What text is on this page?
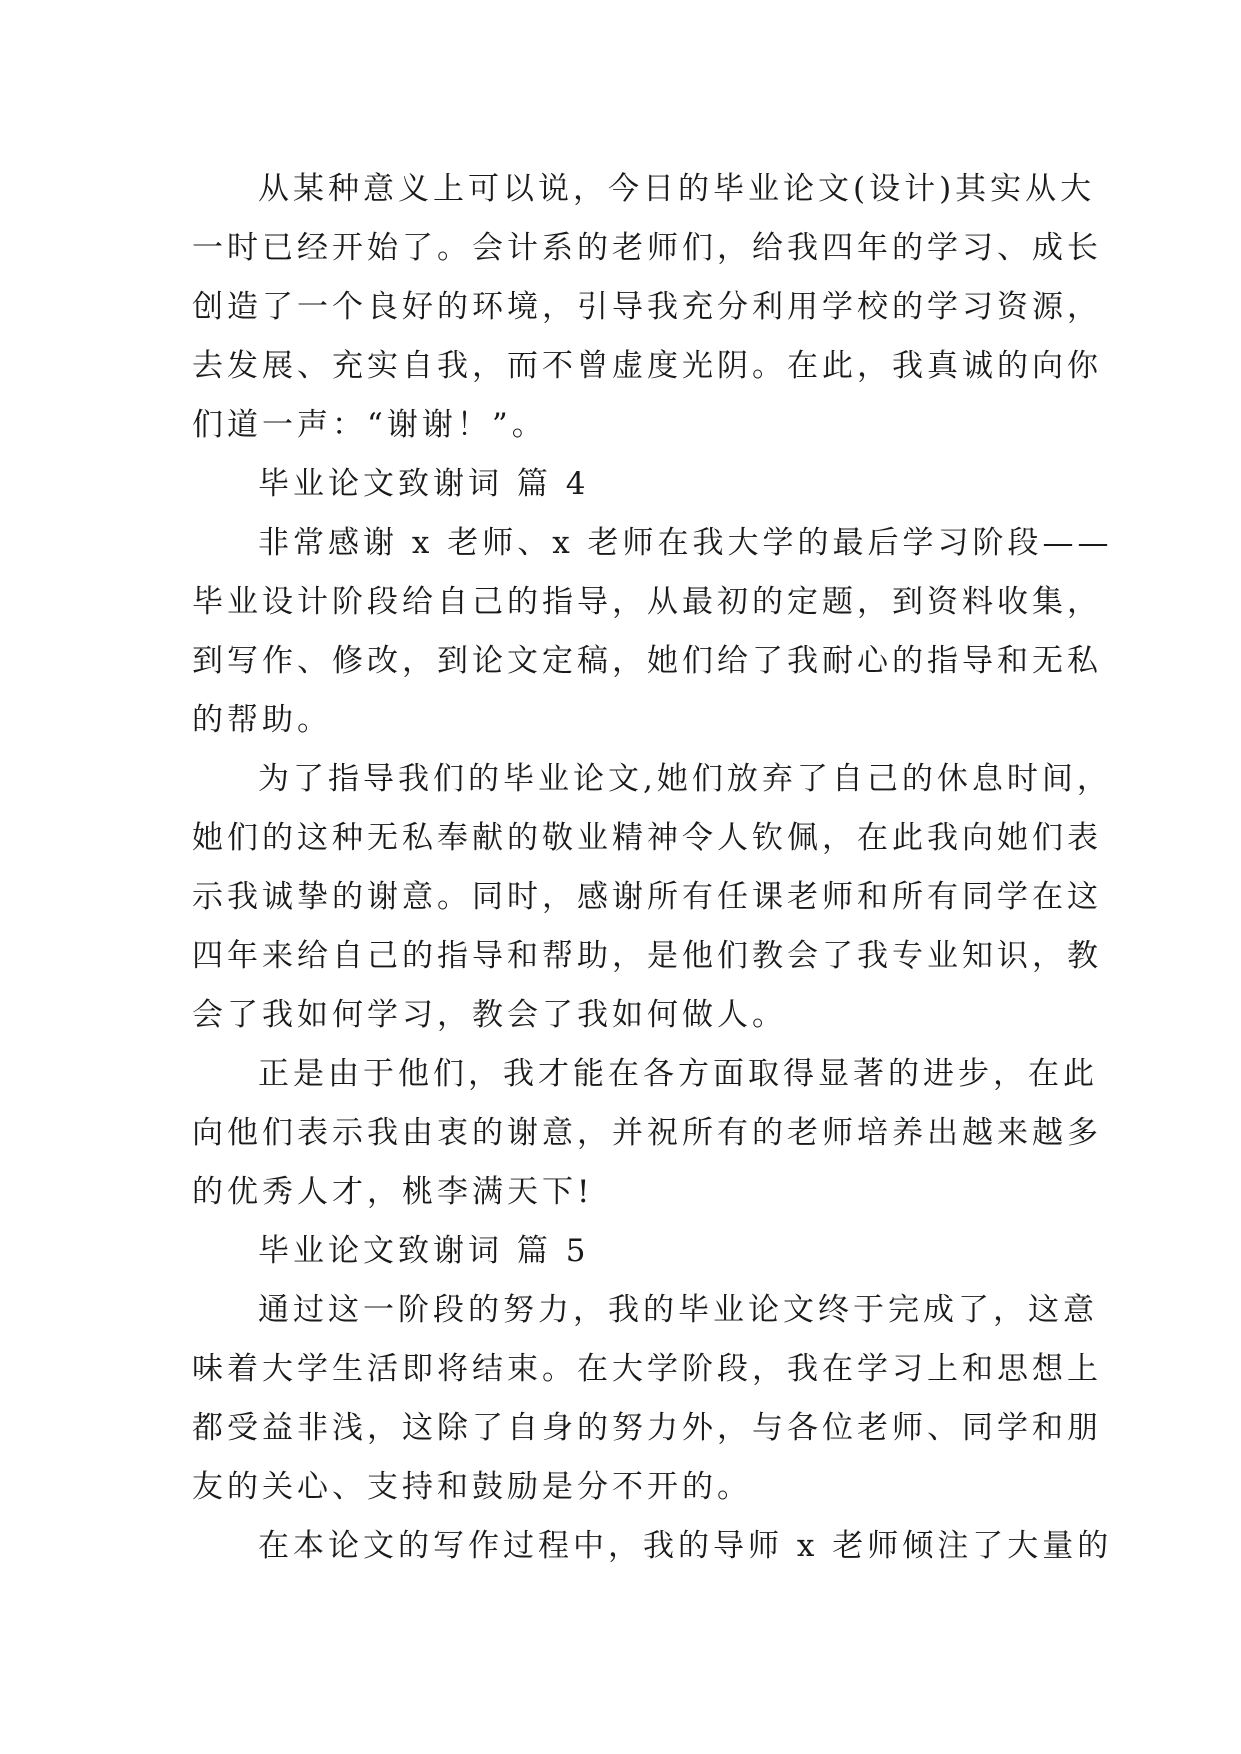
从某种意义上可以说，今日的毕业论文(设计)其实从大
一时已经开始了。会计系的老师们，给我四年的学习、成长
创造了一个良好的环境，引导我充分利用学校的学习资源，
去发展、充实自我，而不曾虚度光阴。在此，我真诚的向你
们道一声：“谢谢！”。

毕业论文致谢词 篇 4

非常感谢 x 老师、x 老师在我大学的最后学习阶段——
毕业设计阶段给自己的指导，从最初的定题，到资料收集，
到写作、修改，到论文定稿，她们给了我耐心的指导和无私
的帮助。

为了指导我们的毕业论文,她们放弃了自己的休息时间，
她们的这种无私奉献的敬业精神令人钦佩，在此我向她们表
示我诚挚的谢意。同时，感谢所有任课老师和所有同学在这
四年来给自己的指导和帮助，是他们教会了我专业知识，教
会了我如何学习，教会了我如何做人。

正是由于他们，我才能在各方面取得显著的进步，在此
向他们表示我由衷的谢意，并祝所有的老师培养出越来越多
的优秀人才，桃李满天下!

毕业论文致谢词 篇 5

通过这一阶段的努力，我的毕业论文终于完成了，这意
味着大学生活即将结束。在大学阶段，我在学习上和思想上
都受益非浅，这除了自身的努力外，与各位老师、同学和朋
友的关心、支持和鼓励是分不开的。

在本论文的写作过程中，我的导师 x 老师倾注了大量的
